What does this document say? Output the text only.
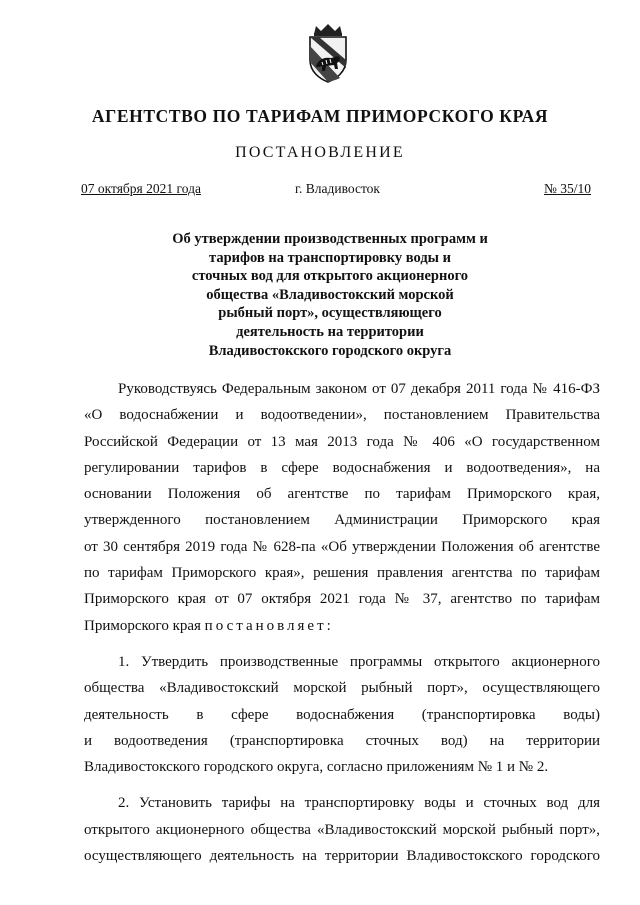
АГЕНТСТВО ПО ТАРИФАМ ПРИМОРСКОГО КРАЯ
ПОСТАНОВЛЕНИЕ
07 октября 2021 года	г. Владивосток	№ 35/10
Об утверждении производственных программ и
тарифов на транспортировку воды и
сточных вод для открытого акционерного
общества «Владивостокский морской
рыбный порт», осуществляющего
деятельность на территории
Владивостокского городского округа
Руководствуясь Федеральным законом от 07 декабря 2011 года № 416-ФЗ
«О водоснабжении и водоотведении», постановлением Правительства
Российской Федерации от 13 мая 2013 года № 406 «О государственном
регулировании тарифов в сфере водоснабжения и водоотведения», на
основании Положения об агентстве по тарифам Приморского края,
утвержденного постановлением Администрации Приморского края
от 30 сентября 2019 года № 628-па «Об утверждении Положения об агентстве
по тарифам Приморского края», решения правления агентства по тарифам
Приморского края от 07 октября 2021 года № 37, агентство по тарифам
Приморского края постановляет:
1. Утвердить производственные программы открытого акционерного
общества «Владивостокский морской рыбный порт», осуществляющего
деятельность в сфере водоснабжения (транспортировка воды)
и водоотведения (транспортировка сточных вод) на территории
Владивостокского городского округа, согласно приложениям № 1 и № 2.
2. Установить тарифы на транспортировку воды и сточных вод для
открытого акционерного общества «Владивостокский морской рыбный порт»,
осуществляющего деятельность на территории Владивостокского городского
